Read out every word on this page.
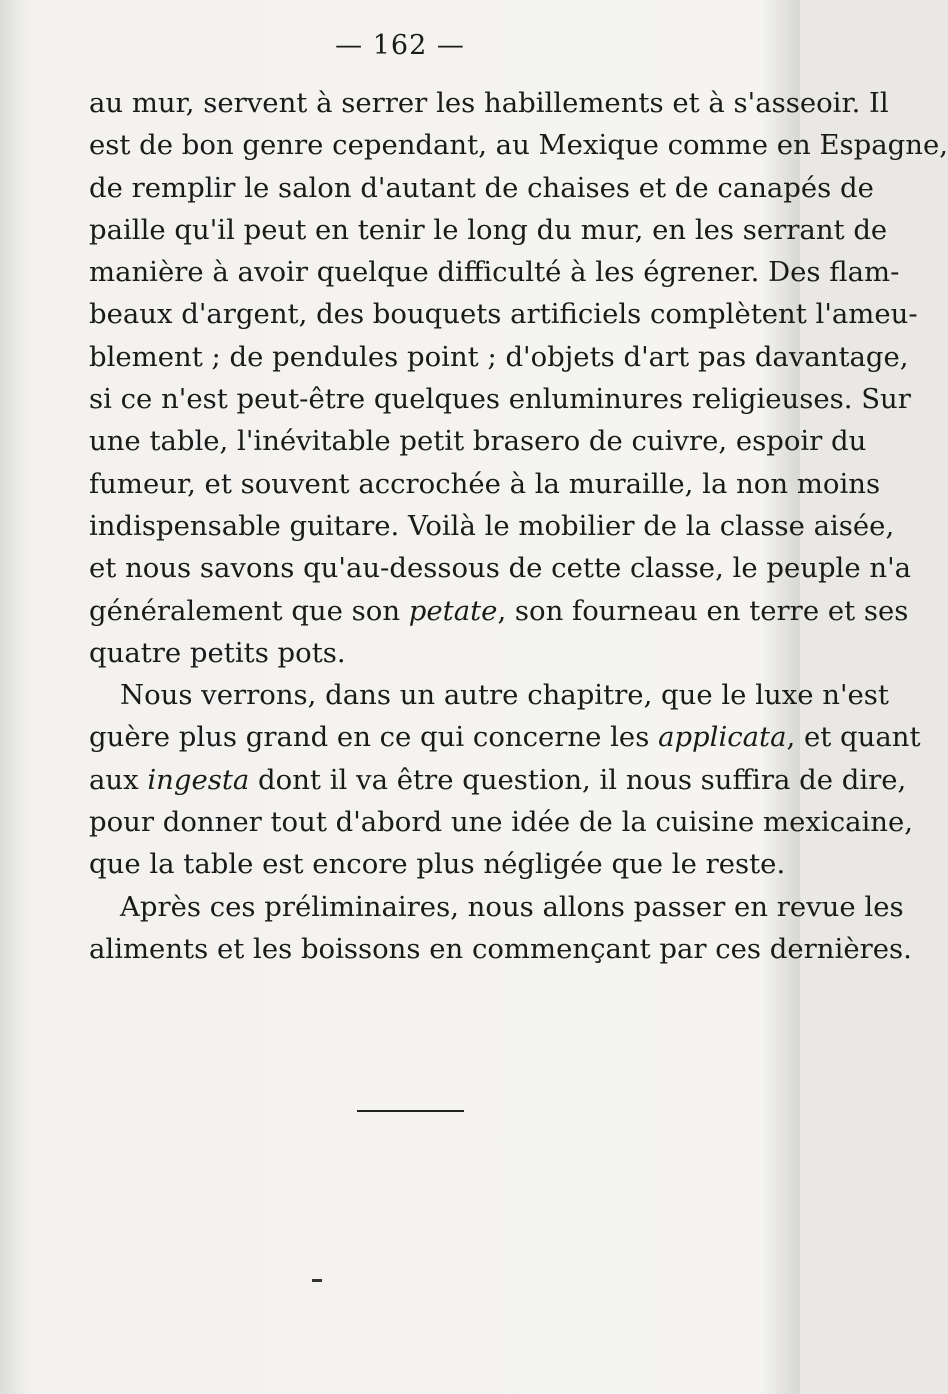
— 162 —
au mur, servent à serrer les habillements et à s'asseoir. Il
est de bon genre cependant, au Mexique comme en Espagne,
de remplir le salon d'autant de chaises et de canapés de
paille qu'il peut en tenir le long du mur, en les serrant de
manière à avoir quelque difficulté à les égrener. Des flam-
beaux d'argent, des bouquets artificiels complètent l'ameu-
blement ; de pendules point ; d'objets d'art pas davantage,
si ce n'est peut-être quelques enluminures religieuses. Sur
une table, l'inévitable petit brasero de cuivre, espoir du
fumeur, et souvent accrochée à la muraille, la non moins
indispensable guitare. Voilà le mobilier de la classe aisée,
et nous savons qu'au-dessous de cette classe, le peuple n'a
généralement que son petate, son fourneau en terre et ses
quatre petits pots.
Nous verrons, dans un autre chapitre, que le luxe n'est
guère plus grand en ce qui concerne les applicata, et quant
aux ingesta dont il va être question, il nous suffira de dire,
pour donner tout d'abord une idée de la cuisine mexicaine,
que la table est encore plus négligée que le reste.
Après ces préliminaires, nous allons passer en revue les
aliments et les boissons en commençant par ces dernières.
